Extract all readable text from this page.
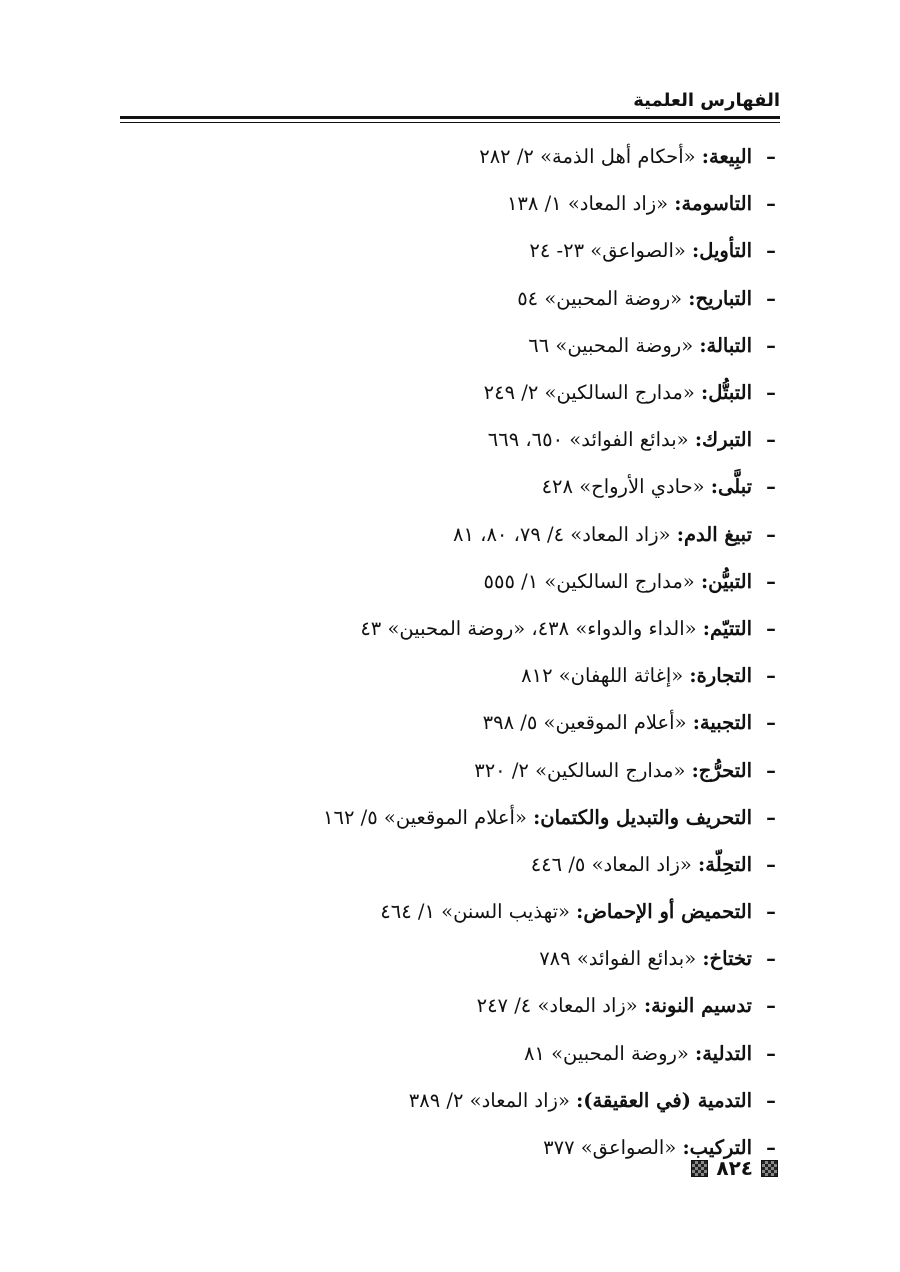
الفهارس العلمية
–
البِيعة:

«أحكام أهل الذمة» ٢/ ٢٨٢
–
التاسومة:

«زاد المعاد» ١/ ١٣٨
–
التأويل:

«الصواعق» ٢٣- ٢٤
–
التباريح:

«روضة المحبين» ٥٤
–
التبالة:

«روضة المحبين» ٦٦
–
التبتُّل:

«مدارج السالكين» ٢/ ٢٤٩
–
التبرك:

«بدائع الفوائد» ٦٥٠، ٦٦٩
–
تبلَّى:

«حادي الأرواح» ٤٢٨
–
تبيغ الدم:

«زاد المعاد» ٤/ ٧٩، ٨٠، ٨١
–
التبيُّن:

«مدارج السالكين» ١/ ٥٥٥
–
التتيّم:

«الداء والدواء» ٤٣٨، «روضة المحبين» ٤٣
–
التجارة:

«إغاثة اللهفان» ٨١٢
–
التجبية:

«أعلام الموقعين» ٥/ ٣٩٨
–
التحرُّج:

«مدارج السالكين» ٢/ ٣٢٠
–
التحريف والتبديل والكتمان:

«أعلام الموقعين» ٥/ ١٦٢
–
التحِلّة:

«زاد المعاد» ٥/ ٤٤٦
–
التحميض أو الإحماض:

«تهذيب السنن» ١/ ٤٦٤
–
تختاخ:

«بدائع الفوائد» ٧٨٩
–
تدسيم النونة:

«زاد المعاد» ٤/ ٢٤٧
–
التدلية:

«روضة المحبين» ٨١
–
التدمية (في العقيقة):

«زاد المعاد» ٢/ ٣٨٩
–
التركيب:

«الصواعق» ٣٧٧
٨٢٤
